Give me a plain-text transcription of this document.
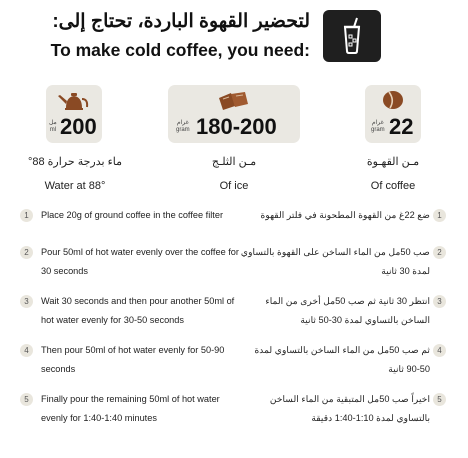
لتحضير القهوة الباردة، تحتاج إلى:
To make cold coffee, you need:
200
مل
ml	180-200
غرام
gram	22
غرام
gram
ماء بدرجة حرارة 88°
Water at 88°
مـن الثلـج
Of ice
مـن القهـوة
Of coffee
1	Place 20g of ground coffee in the coffee filter	ضع 22غ من القهوة المطحونة في فلتر القهوة 1
2	Pour 50ml of hot water evenly over the coffee for 30 seconds
صب 50مل من الماء الساخن على القهوة بالتساوي لمدة 30 ثانية
2
3	Wait 30 seconds and then pour another 50ml of hot water evenly for 30-50 seconds
انتظر 30 ثانية ثم صب 50مل أخرى من الماء الساخن بالتساوي لمدة 30-50 ثانية
3
4	Then pour 50ml of hot water evenly for 50-90 seconds
ثم صب 50مل من الماء الساخن بالتساوي لمدة 50-90 ثانية
4
5	Finally pour the remaining 50ml of hot water evenly for 1:40-1:40 minutes
اخيراً صب 50مل المتبقية من الماء الساخن بالتساوي لمدة 1:10-1:40 دقيقة
5
